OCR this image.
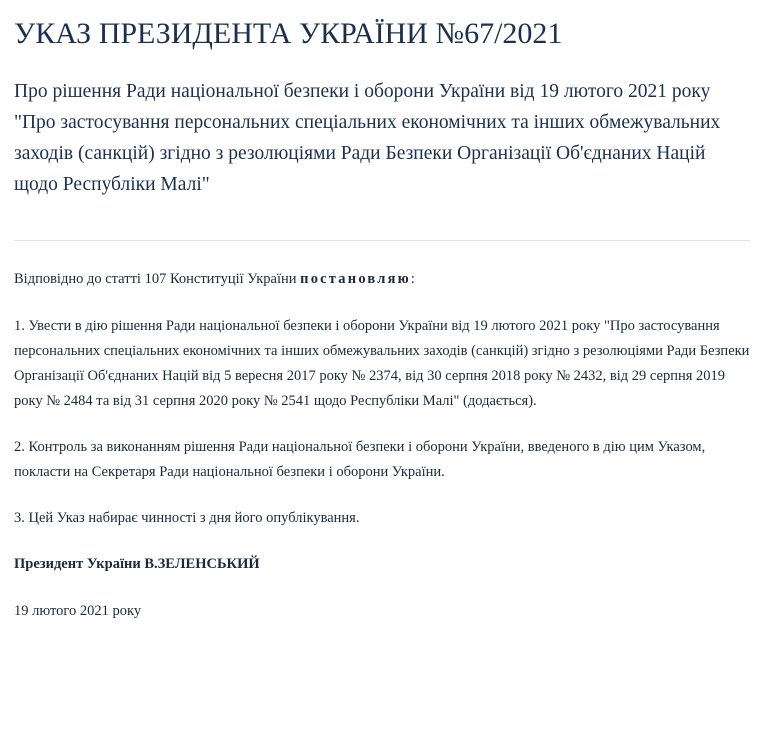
УКАЗ ПРЕЗИДЕНТА УКРАЇНИ №67/2021

Про рішення Ради національної безпеки і оборони України від 19 лютого 2021 року "Про застосування персональних спеціальних економічних та інших обмежувальних заходів (санкцій) згідно з резолюціями Ради Безпеки Організації Об'єднаних Націй щодо Республіки Малі"

Відповідно до статті 107 Конституції України постановляю:

1. Увести в дію рішення Ради національної безпеки і оборони України від 19 лютого 2021 року "Про застосування персональних спеціальних економічних та інших обмежувальних заходів (санкцій) згідно з резолюціями Ради Безпеки Організації Об'єднаних Націй від 5 вересня 2017 року № 2374, від 30 серпня 2018 року № 2432, від 29 серпня 2019 року № 2484 та від 31 серпня 2020 року № 2541 щодо Республіки Малі" (додається).

2. Контроль за виконанням рішення Ради національної безпеки і оборони України, введеного в дію цим Указом, покласти на Секретаря Ради національної безпеки і оборони України.

3. Цей Указ набирає чинності з дня його опублікування.

Президент України В.ЗЕЛЕНСЬКИЙ

19 лютого 2021 року
